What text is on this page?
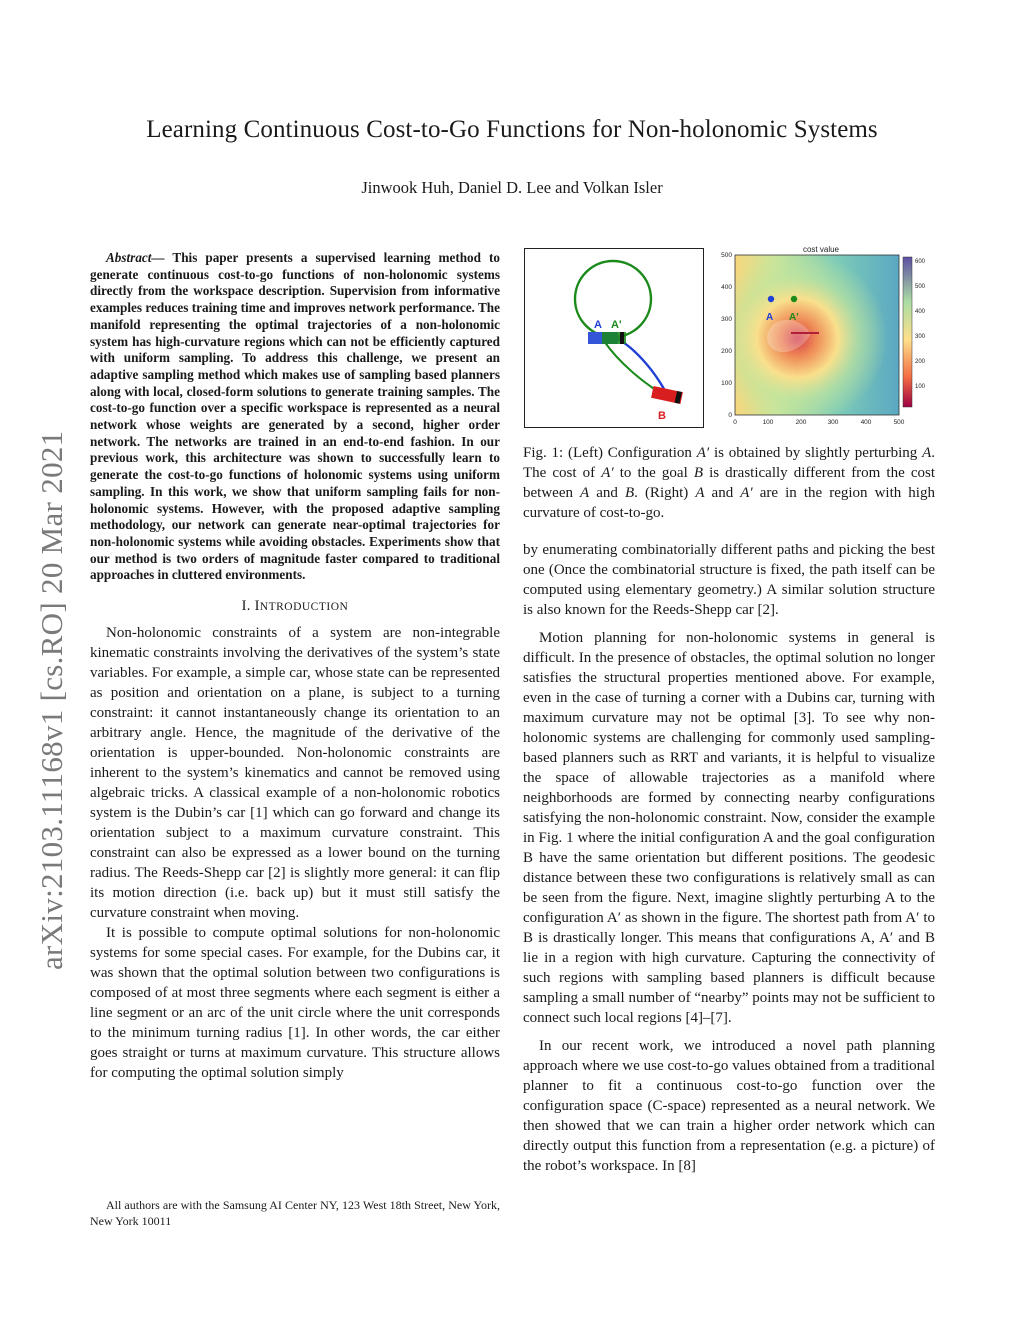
Learning Continuous Cost-to-Go Functions for Non-holonomic Systems
Jinwook Huh, Daniel D. Lee and Volkan Isler
arXiv:2103.11168v1 [cs.RO] 20 Mar 2021

Abstract— This paper presents a supervised learning method to generate continuous cost-to-go functions of non-holonomic systems directly from the workspace description. Supervision from informative examples reduces training time and improves network performance. The manifold representing the optimal trajectories of a non-holonomic system has high-curvature regions which can not be efficiently captured with uniform sampling. To address this challenge, we present an adaptive sampling method which makes use of sampling based planners along with local, closed-form solutions to generate training samples. The cost-to-go function over a specific workspace is represented as a neural network whose weights are generated by a second, higher order network. The networks are trained in an end-to-end fashion. In our previous work, this architecture was shown to successfully learn to generate the cost-to-go functions of holonomic systems using uniform sampling. In this work, we show that uniform sampling fails for non-holonomic systems. However, with the proposed adaptive sampling methodology, our network can generate near-optimal trajectories for non-holonomic systems while avoiding obstacles. Experiments show that our method is two orders of magnitude faster compared to traditional approaches in cluttered environments.

I. INTRODUCTION

Non-holonomic constraints of a system are non-integrable kinematic constraints involving the derivatives of the system’s state variables. For example, a simple car, whose state can be represented as position and orientation on a plane, is subject to a turning constraint: it cannot instantaneously change its orientation to an arbitrary angle. Hence, the magnitude of the derivative of the orientation is upper-bounded. Non-holonomic constraints are inherent to the system’s kinematics and cannot be removed using algebraic tricks. A classical example of a non-holonomic robotics system is the Dubin’s car [1] which can go forward and change its orientation subject to a maximum curvature constraint. This constraint can also be expressed as a lower bound on the turning radius. The Reeds-Shepp car [2] is slightly more general: it can flip its motion direction (i.e. back up) but it must still satisfy the curvature constraint when moving.

It is possible to compute optimal solutions for non-holonomic systems for some special cases. For example, for the Dubins car, it was shown that the optimal solution between two configurations is composed of at most three segments where each segment is either a line segment or an arc of the unit circle where the unit corresponds to the minimum turning radius [1]. In other words, the car either goes straight or turns at maximum curvature. This structure allows for computing the optimal solution simply

All authors are with the Samsung AI Center NY, 123 West 18th Street, New York, New York 10011
A A'
B
cost value
A A'
0	100	200	300	400	500
0
100
200
300
400
500
600
500
400
300
200
100
Fig. 1: (Left) Configuration A′ is obtained by slightly perturbing A. The cost of A′ to the goal B is drastically different from the cost between A and B. (Right) A and A′ are in the region with high curvature of cost-to-go.

by enumerating combinatorially different paths and picking the best one (Once the combinatorial structure is fixed, the path itself can be computed using elementary geometry.) A similar solution structure is also known for the Reeds-Shepp car [2].

Motion planning for non-holonomic systems in general is difficult. In the presence of obstacles, the optimal solution no longer satisfies the structural properties mentioned above. For example, even in the case of turning a corner with a Dubins car, turning with maximum curvature may not be optimal [3]. To see why non-holonomic systems are challenging for commonly used sampling-based planners such as RRT and variants, it is helpful to visualize the space of allowable trajectories as a manifold where neighborhoods are formed by connecting nearby configurations satisfying the non-holonomic constraint. Now, consider the example in Fig. 1 where the initial configuration A and the goal configuration B have the same orientation but different positions. The geodesic distance between these two configurations is relatively small as can be seen from the figure. Next, imagine slightly perturbing A to the configuration A′ as shown in the figure. The shortest path from A′ to B is drastically longer. This means that configurations A, A′ and B lie in a region with high curvature. Capturing the connectivity of such regions with sampling based planners is difficult because sampling a small number of “nearby” points may not be sufficient to connect such local regions [4]–[7].

In our recent work, we introduced a novel path planning approach where we use cost-to-go values obtained from a traditional planner to fit a continuous cost-to-go function over the configuration space (C-space) represented as a neural network. We then showed that we can train a higher order network which can directly output this function from a representation (e.g. a picture) of the robot’s workspace. In [8]
